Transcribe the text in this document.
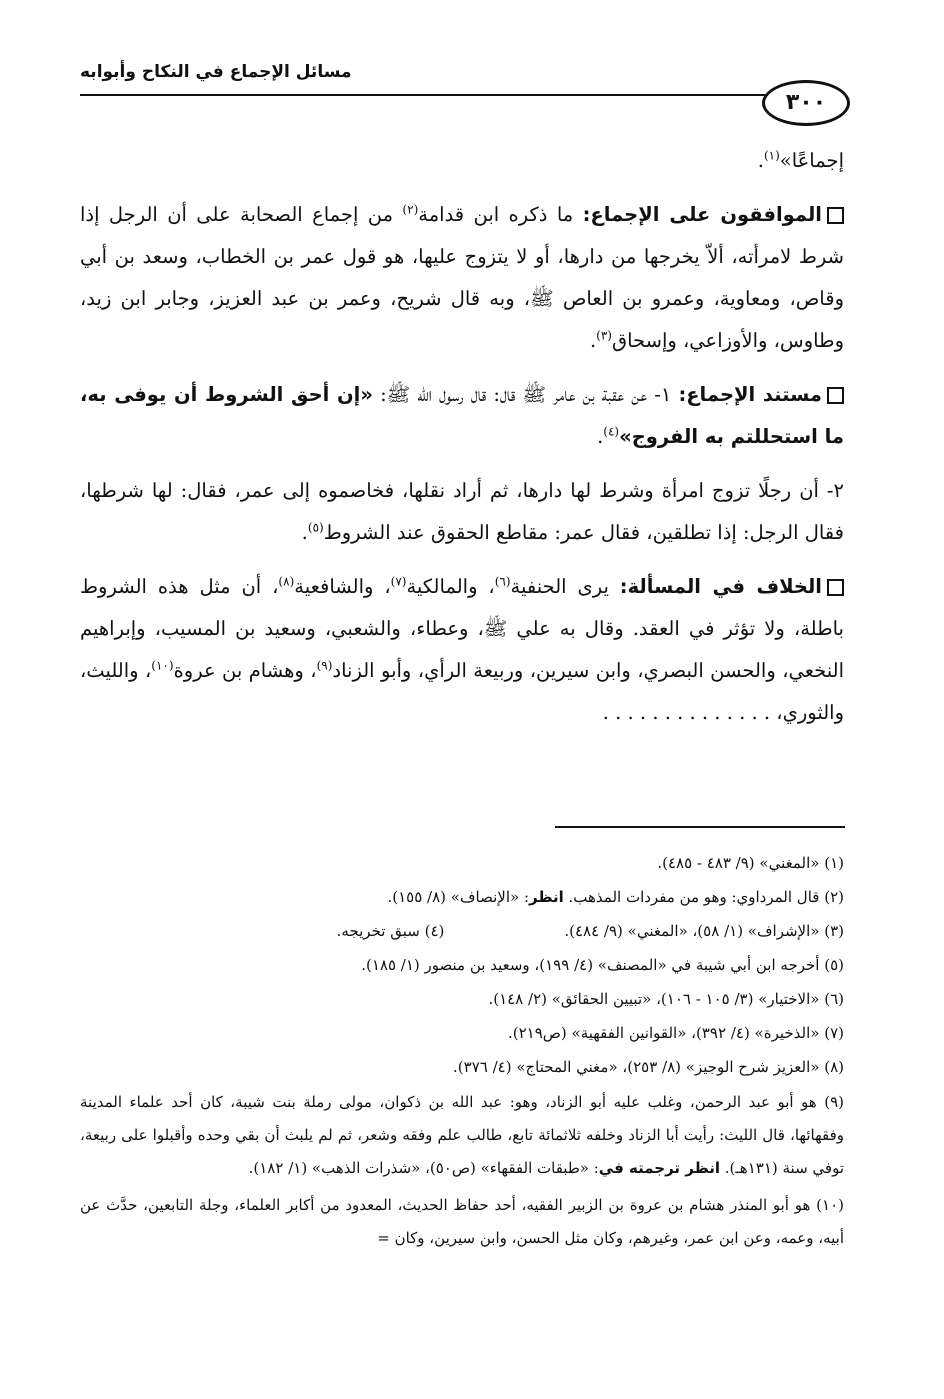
مسائل الإجماع في النكاح وأبوابه
٣٠٠

إجماعًا»$^{(١)}$.

الموافقون على الإجماع: ما ذكره ابن قدامة$^{(٢)}$ من إجماع الصحابة على أن الرجل إذا شرط لامرأته، ألاّ يخرجها من دارها، أو لا يتزوج عليها، هو قول عمر بن الخطاب، وسعد بن أبي وقاص، ومعاوية، وعمرو بن العاص ﷺ، وبه قال شريح، وعمر بن عبد العزيز، وجابر ابن زيد، وطاوس، والأوزاعي، وإسحاق$^{(٣)}$.

مستند الإجماع: ١- عن عقبة بن عامر ﷺ قال: قال رسول الله ﷺ: «إن أحق الشروط أن يوفى به، ما استحللتم به الفروج»$^{(٤)}$.

٢- أن رجلًا تزوج امرأة وشرط لها دارها، ثم أراد نقلها، فخاصموه إلى عمر، فقال: لها شرطها، فقال الرجل: إذا تطلقين، فقال عمر: مقاطع الحقوق عند الشروط$^{(٥)}$.

الخلاف في المسألة: يرى الحنفية$^{(٦)}$، والمالكية$^{(٧)}$، والشافعية$^{(٨)}$، أن مثل هذه الشروط باطلة، ولا تؤثر في العقد. وقال به علي ﷺ، وعطاء، والشعبي، وسعيد بن المسيب، وإبراهيم النخعي، والحسن البصري، وابن سيرين، وربيعة الرأي، وأبو الزناد$^{(٩)}$، وهشام بن عروة$^{(١٠)}$، والليث، والثوري، . . . . . . . . . . . . . .

(١) «المغني» (٩/ ٤٨٣ - ٤٨٥).
(٢) قال المرداوي: وهو من مفردات المذهب. انظر: «الإنصاف» (٨/ ١٥٥).
(٣) «الإشراف» (١/ ٥٨)، «المغني» (٩/ ٤٨٤).
(٤) سبق تخريجه.
(٥) أخرجه ابن أبي شيبة في «المصنف» (٤/ ١٩٩)، وسعيد بن منصور (١/ ١٨٥).
(٦) «الاختيار» (٣/ ١٠٥ - ١٠٦)، «تبيين الحقائق» (٢/ ١٤٨).
(٧) «الذخيرة» (٤/ ٣٩٢)، «القوانين الفقهية» (ص٢١٩).
(٨) «العزيز شرح الوجيز» (٨/ ٢٥٣)، «مغني المحتاج» (٤/ ٣٧٦).
(٩) هو أبو عبد الرحمن، وغلب عليه أبو الزناد، وهو: عبد الله بن ذكوان، مولى رملة بنت شيبة، كان أحد علماء المدينة وفقهائها، قال الليث: رأيت أبا الزناد وخلفه ثلاثمائة تابع، طالب علم وفقه وشعر، ثم لم يلبث أن بقي وحده وأقبلوا على ربيعة، توفي سنة (١٣١هـ). انظر ترجمته في: «طبقات الفقهاء» (ص٥٠)، «شذرات الذهب» (١/ ١٨٢).
(١٠) هو أبو المنذر هشام بن عروة بن الزبير الفقيه، أحد حفاظ الحديث، المعدود من أكابر العلماء، وجلة التابعين، حدَّث عن أبيه، وعمه، وعن ابن عمر، وغيرهم، وكان مثل الحسن، وابن سيرين، وكان =
